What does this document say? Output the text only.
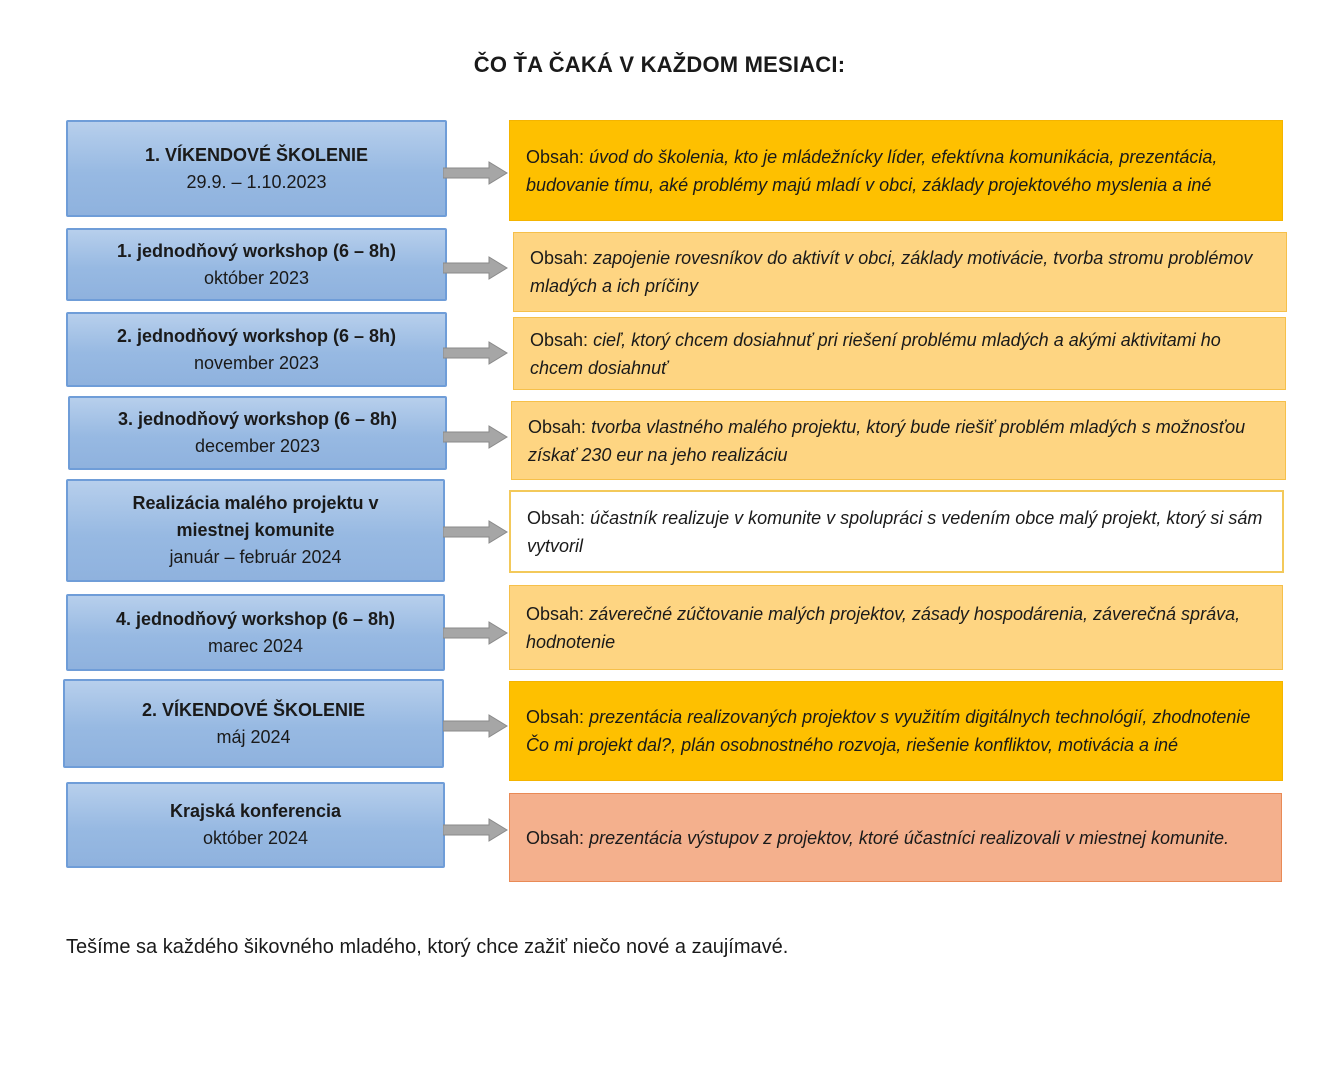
ČO ŤA ČAKÁ V KAŽDOM MESIACI:
1. VÍKENDOVÉ ŠKOLENIE
29.9. – 1.10.2023
Obsah: úvod do školenia, kto je mládežnícky líder, efektívna komunikácia, prezentácia, budovanie tímu, aké problémy majú mladí v obci, základy projektového myslenia a iné
1. jednodňový workshop (6 – 8h)
október 2023
Obsah: zapojenie rovesníkov do aktivít v obci, základy motivácie, tvorba stromu problémov mladých a ich príčiny
2. jednodňový workshop (6 – 8h)
november 2023
Obsah: cieľ, ktorý chcem dosiahnuť pri riešení problému mladých a akými aktivitami ho chcem dosiahnuť
3. jednodňový workshop (6 – 8h)
december 2023
Obsah: tvorba vlastného malého projektu, ktorý bude riešiť problém mladých s možnosťou získať 230 eur na jeho realizáciu
Realizácia malého projektu v miestnej komunite
január – február 2024
Obsah: účastník realizuje v komunite v spolupráci s vedením obce malý projekt, ktorý si sám vytvoril
4. jednodňový workshop (6 – 8h)
marec 2024
Obsah: záverečné zúčtovanie malých projektov, zásady hospodárenia, záverečná správa, hodnotenie
2. VÍKENDOVÉ ŠKOLENIE
máj 2024
Obsah: prezentácia realizovaných projektov s využitím digitálnych technológií, zhodnotenie Čo mi projekt dal?, plán osobnostného rozvoja, riešenie konfliktov, motivácia a iné
Krajská konferencia
október 2024	Obsah: prezentácia výstupov z projektov, ktoré účastníci realizovali v miestnej komunite.
Tešíme sa každého šikovného mladého, ktorý chce zažiť niečo nové a zaujímavé.
